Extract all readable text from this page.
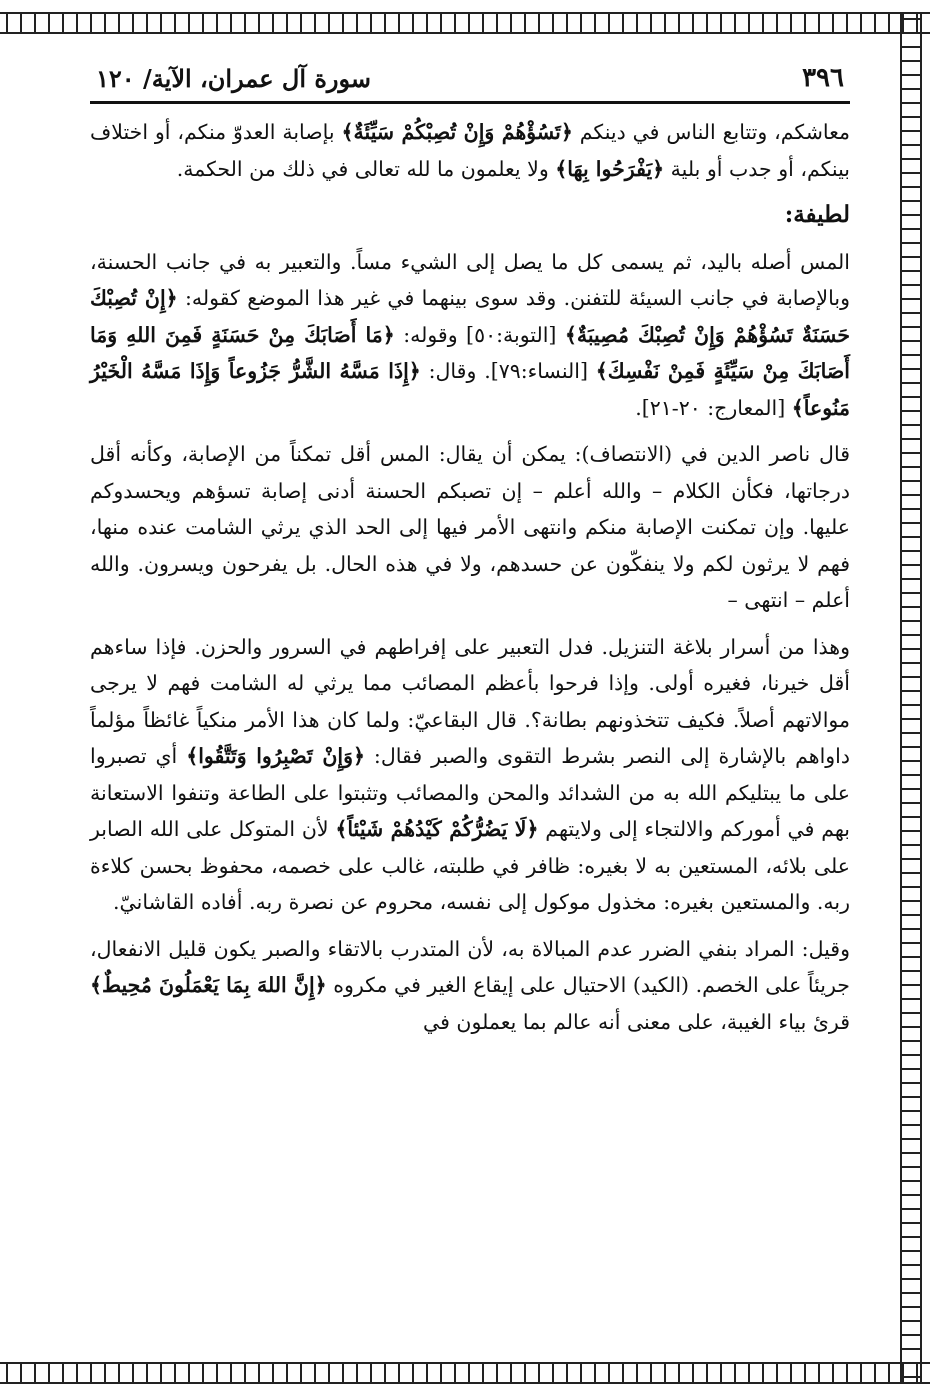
٣٩٦
سورة آل عمران، الآية/ ١٢٠

معاشكم، وتتابع الناس في دينكم ﴿تَسُؤْهُمْ وَإِنْ تُصِبْكُمْ سَيِّئَةٌ﴾ بإصابة العدوّ منكم، أو اختلاف بينكم، أو جدب أو بلية ﴿يَفْرَحُوا بِهَا﴾ ولا يعلمون ما لله تعالى في ذلك من الحكمة.

لطيفة:

المس أصله باليد، ثم يسمى كل ما يصل إلى الشيء مساً. والتعبير به في جانب الحسنة، وبالإصابة في جانب السيئة للتفنن. وقد سوى بينهما في غير هذا الموضع كقوله: ﴿إِنْ تُصِبْكَ حَسَنَةٌ تَسُؤْهُمْ وَإِنْ تُصِبْكَ مُصِيبَةٌ﴾ [التوبة:٥٠] وقوله: ﴿مَا أَصَابَكَ مِنْ حَسَنَةٍ فَمِنَ اللهِ وَمَا أَصَابَكَ مِنْ سَيِّئَةٍ فَمِنْ نَفْسِكَ﴾ [النساء:٧٩]. وقال: ﴿إِذَا مَسَّهُ الشَّرُّ جَزُوعاً وَإِذَا مَسَّهُ الْخَيْرُ مَنُوعاً﴾ [المعارج: ٢٠-٢١].

قال ناصر الدين في (الانتصاف): يمكن أن يقال: المس أقل تمكناً من الإصابة، وكأنه أقل درجاتها، فكأن الكلام – والله أعلم – إن تصبكم الحسنة أدنى إصابة تسؤهم ويحسدوكم عليها. وإن تمكنت الإصابة منكم وانتهى الأمر فيها إلى الحد الذي يرثي الشامت عنده منها، فهم لا يرثون لكم ولا ينفكّون عن حسدهم، ولا في هذه الحال. بل يفرحون ويسرون. والله أعلم – انتهى –

وهذا من أسرار بلاغة التنزيل. فدل التعبير على إفراطهم في السرور والحزن. فإذا ساءهم أقل خيرنا، فغيره أولى. وإذا فرحوا بأعظم المصائب مما يرثي له الشامت فهم لا يرجى موالاتهم أصلاً. فكيف تتخذونهم بطانة؟. قال البقاعيّ: ولما كان هذا الأمر منكياً غائظاً مؤلماً داواهم بالإشارة إلى النصر بشرط التقوى والصبر فقال: ﴿وَإِنْ تَصْبِرُوا وَتَتَّقُوا﴾ أي تصبروا على ما يبتليكم الله به من الشدائد والمحن والمصائب وتثبتوا على الطاعة وتنفوا الاستعانة بهم في أموركم والالتجاء إلى ولايتهم ﴿لَا يَضُرُّكُمْ كَيْدُهُمْ شَيْئاً﴾ لأن المتوكل على الله الصابر على بلائه، المستعين به لا بغيره: ظافر في طلبته، غالب على خصمه، محفوظ بحسن كلاءة ربه. والمستعين بغيره: مخذول موكول إلى نفسه، محروم عن نصرة ربه. أفاده القاشانيّ.

وقيل: المراد بنفي الضرر عدم المبالاة به، لأن المتدرب بالاتقاء والصبر يكون قليل الانفعال، جريئاً على الخصم. (الكيد) الاحتيال على إيقاع الغير في مكروه ﴿إِنَّ اللهَ بِمَا يَعْمَلُونَ مُحِيطٌ﴾ قرئ بياء الغيبة، على معنى أنه عالم بما يعملون في
